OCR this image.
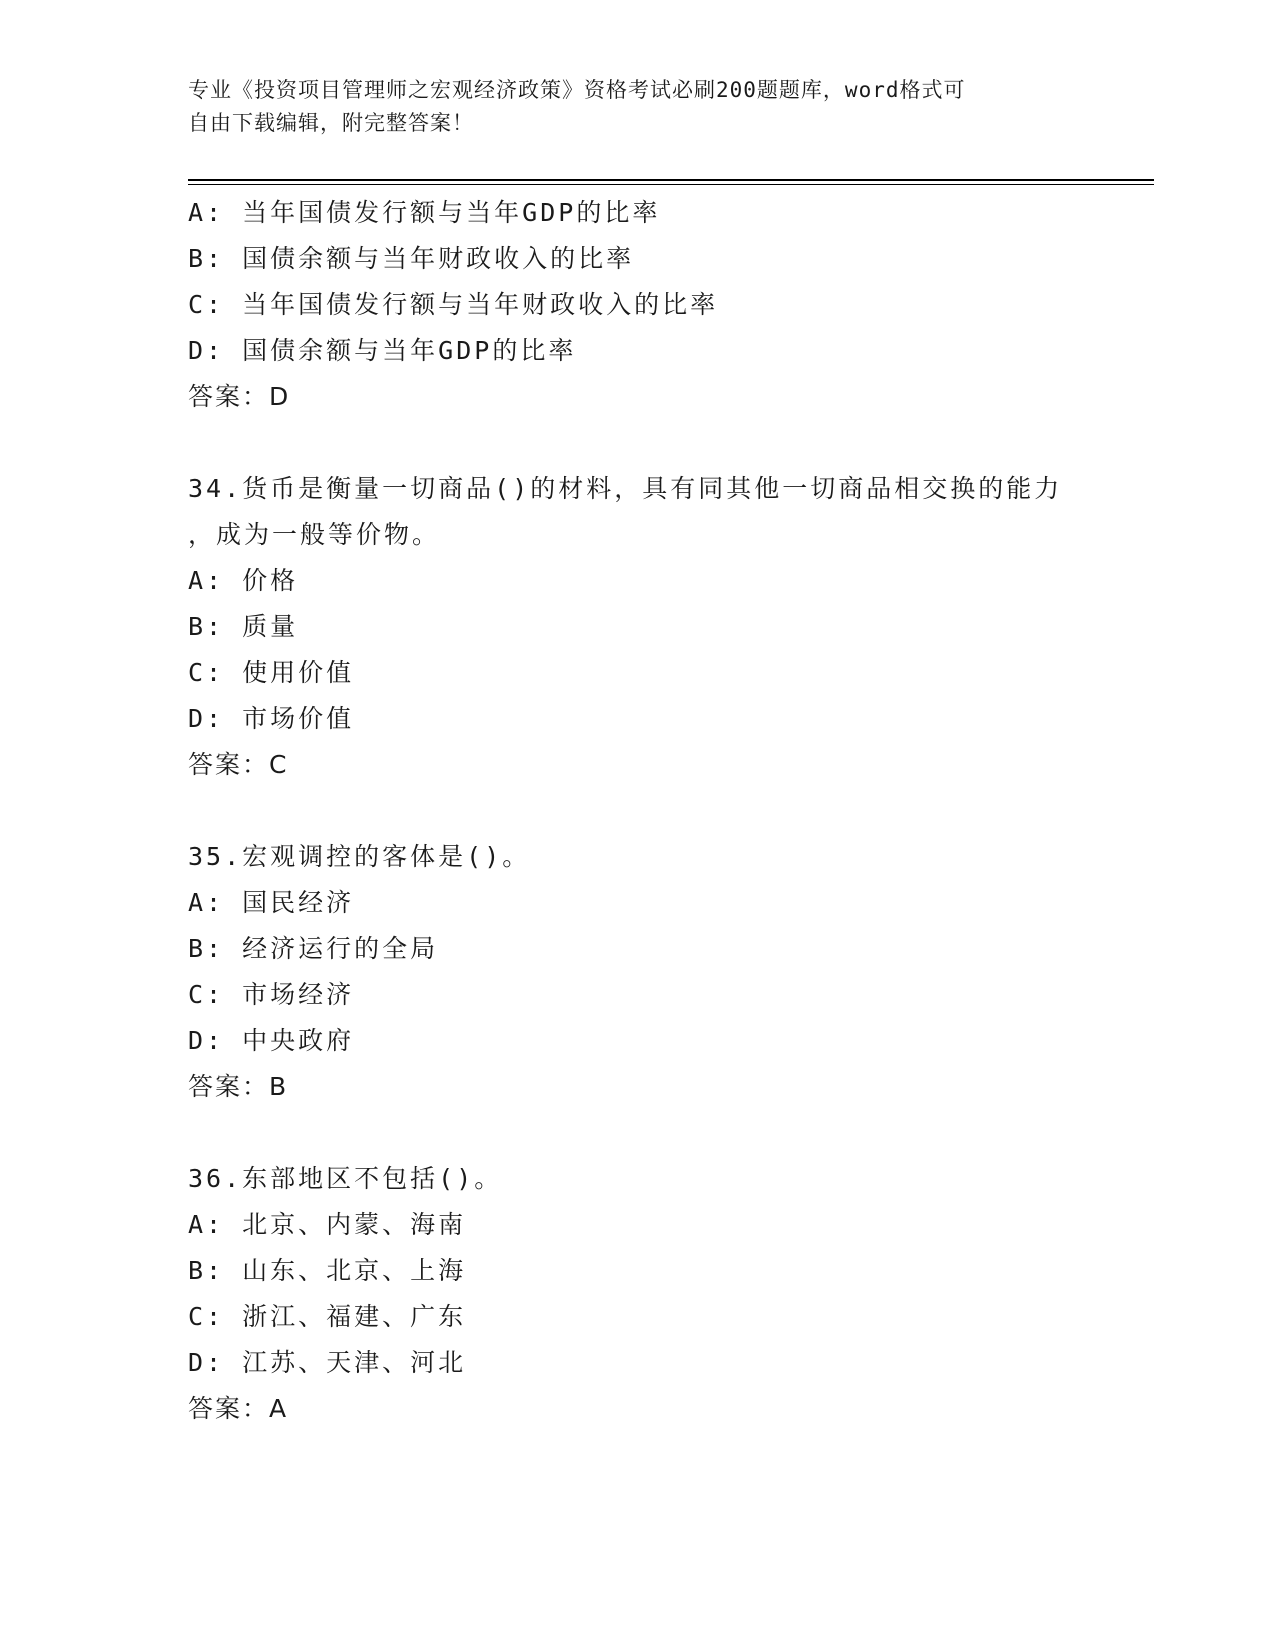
专业《投资项目管理师之宏观经济政策》资格考试必刷200题题库，word格式可
自由下载编辑，附完整答案！
A: 当年国债发行额与当年GDP的比率
B: 国债余额与当年财政收入的比率
C: 当年国债发行额与当年财政收入的比率
D: 国债余额与当年GDP的比率
答案：D
34.货币是衡量一切商品()的材料，具有同其他一切商品相交换的能力
，成为一般等价物。
A: 价格
B: 质量
C: 使用价值
D: 市场价值
答案：C
35.宏观调控的客体是()。
A: 国民经济
B: 经济运行的全局
C: 市场经济
D: 中央政府
答案：B
36.东部地区不包括()。
A: 北京、内蒙、海南
B: 山东、北京、上海
C: 浙江、福建、广东
D: 江苏、天津、河北
答案：A
